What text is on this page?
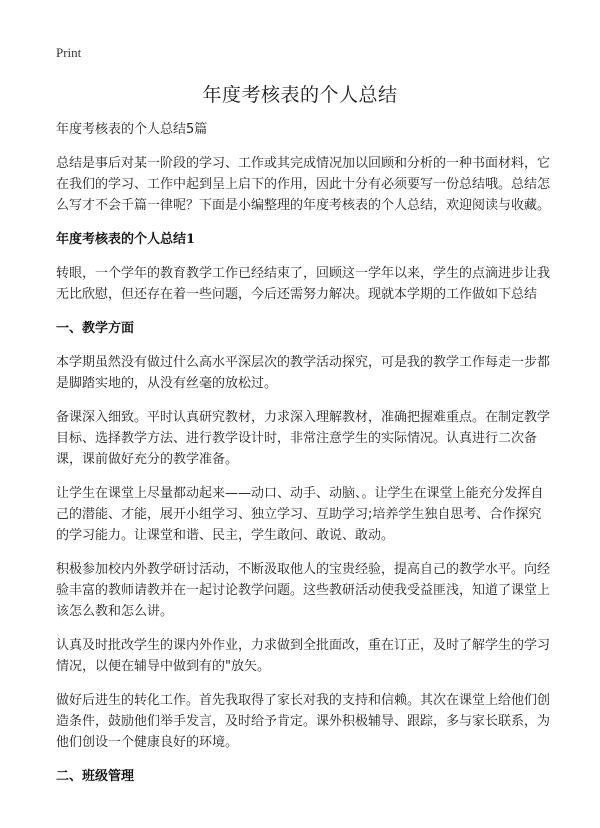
Print
年度考核表的个人总结

年度考核表的个人总结5篇

总结是事后对某一阶段的学习、工作或其完成情况加以回顾和分析的一种书面材料，它在我们的学习、工作中起到呈上启下的作用，因此十分有必须要写一份总结哦。总结怎么写才不会千篇一律呢？下面是小编整理的年度考核表的个人总结，欢迎阅读与收藏。

年度考核表的个人总结1

转眼，一个学年的教育教学工作已经结束了，回顾这一学年以来，学生的点滴进步让我无比欣慰，但还存在着一些问题，今后还需努力解决。现就本学期的工作做如下总结

一、教学方面

本学期虽然没有做过什么高水平深层次的教学活动探究，可是我的教学工作每走一步都是脚踏实地的，从没有丝毫的放松过。

备课深入细致。平时认真研究教材，力求深入理解教材，准确把握难重点。在制定教学目标、选择教学方法、进行教学设计时，非常注意学生的实际情况。认真进行二次备课，课前做好充分的教学准备。

让学生在课堂上尽量都动起来——动口、动手、动脑、。让学生在课堂上能充分发挥自己的潜能、才能，展开小组学习、独立学习、互助学习;培养学生独自思考、合作探究的学习能力。让课堂和谐、民主，学生敢问、敢说、敢动。

积极参加校内外教学研讨活动，不断汲取他人的宝贵经验，提高自己的教学水平。向经验丰富的教师请教并在一起讨论教学问题。这些教研活动使我受益匪浅，知道了课堂上该怎么教和怎么讲。

认真及时批改学生的课内外作业，力求做到全批面改，重在订正，及时了解学生的学习情况，以便在辅导中做到有的"放矢。

做好后进生的转化工作。首先我取得了家长对我的支持和信赖。其次在课堂上给他们创造条件，鼓励他们举手发言，及时给予肯定。课外积极辅导、跟踪，多与家长联系，为他们创设一个健康良好的环境。

二、班级管理
